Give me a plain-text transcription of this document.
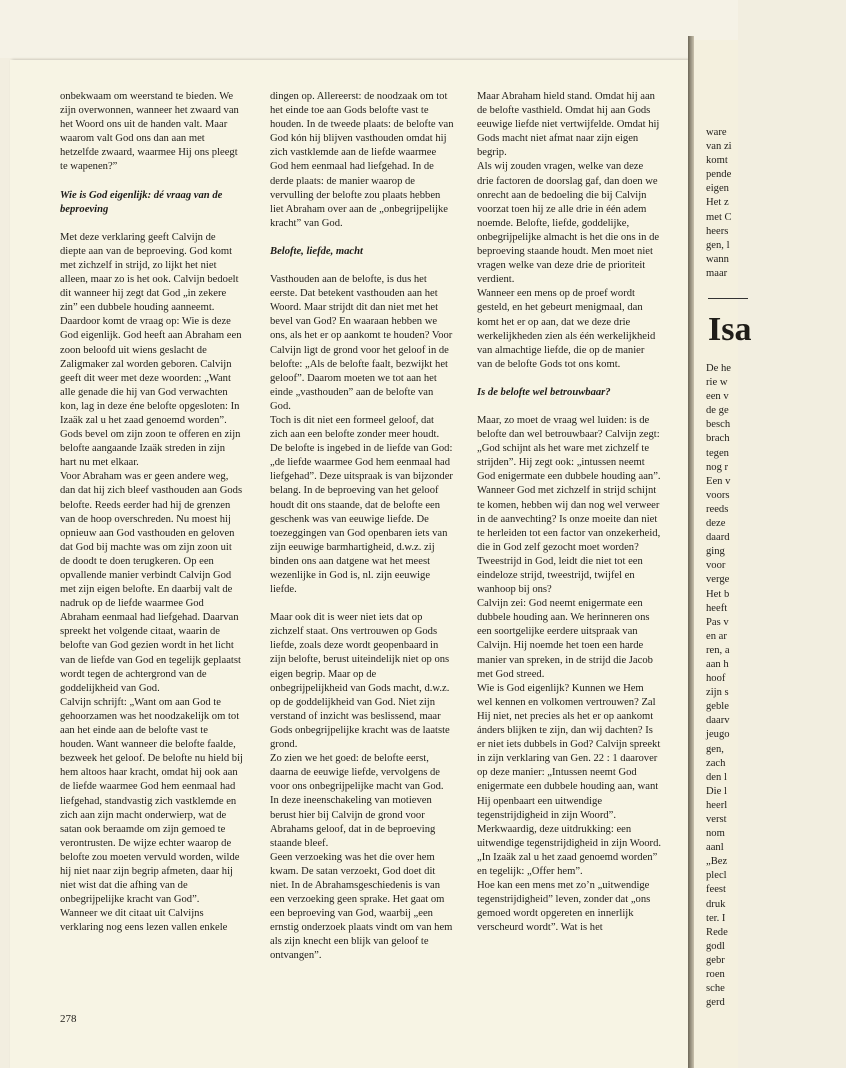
onbekwaam om weerstand te bieden. We zijn overwonnen, wanneer het zwaard van het Woord ons uit de handen valt. Maar waarom valt God ons dan aan met hetzelfde zwaard, waarmee Hij ons pleegt te wapenen?”

Wie is God eigenlijk: dé vraag van de beproeving

Met deze verklaring geeft Calvijn de diepte aan van de beproeving. God komt met zichzelf in strijd, zo lijkt het niet alleen, maar zo is het ook. Calvijn bedoelt dit wanneer hij zegt dat God „in zekere zin” een dubbele houding aanneemt. Daardoor komt de vraag op: Wie is deze God eigenlijk. God heeft aan Abraham een zoon beloofd uit wiens geslacht de Zaligmaker zal worden geboren. Calvijn geeft dit weer met deze woorden: „Want alle genade die hij van God verwachten kon, lag in deze éne belofte opgesloten: In Izaäk zal u het zaad genoemd worden”. Gods bevel om zijn zoon te offeren en zijn belofte aangaande Izaäk streden in zijn hart nu met elkaar.

Voor Abraham was er geen andere weg, dan dat hij zich bleef vasthouden aan Gods belofte. Reeds eerder had hij de grenzen van de hoop overschreden. Nu moest hij opnieuw aan God vasthouden en geloven dat God bij machte was om zijn zoon uit de doodt te doen terugkeren. Op een opvallende manier verbindt Calvijn God met zijn eigen belofte. En daarbij valt de nadruk op de liefde waarmee God Abraham eenmaal had liefgehad. Daarvan spreekt het volgende citaat, waarin de belofte van God gezien wordt in het licht van de liefde van God en tegelijk geplaatst wordt tegen de achtergrond van de goddelijkheid van God.

Calvijn schrijft: „Want om aan God te gehoorzamen was het noodzakelijk om tot aan het einde aan de belofte vast te houden. Want wanneer die belofte faalde, bezweek het geloof. De belofte nu hield bij hem altoos haar kracht, omdat hij ook aan de liefde waarmee God hem eenmaal had liefgehad, standvastig zich vastklemde en zich aan zijn macht onderwierp, wat de satan ook beraamde om zijn gemoed te verontrusten. De wijze echter waarop de belofte zou moeten vervuld worden, wilde hij niet naar zijn begrip afmeten, daar hij niet wist dat die afhing van de onbegrijpelijke kracht van God”.

Wanneer we dit citaat uit Calvijns verklaring nog eens lezen vallen enkele

dingen op. Allereerst: de noodzaak om tot het einde toe aan Gods belofte vast te houden. In de tweede plaats: de belofte van God kón hij blijven vasthouden omdat hij zich vastklemde aan de liefde waarmee God hem eenmaal had liefgehad. In de derde plaats: de manier waarop de vervulling der belofte zou plaats hebben liet Abraham over aan de „onbegrijpelijke kracht” van God.

Belofte, liefde, macht

Vasthouden aan de belofte, is dus het eerste. Dat betekent vasthouden aan het Woord. Maar strijdt dit dan niet met het bevel van God? En waaraan hebben we ons, als het er op aankomt te houden? Voor Calvijn ligt de grond voor het geloof in de belofte: „Als de belofte faalt, bezwijkt het geloof”. Daarom moeten we tot aan het einde „vasthouden” aan de belofte van God.

Toch is dit niet een formeel geloof, dat zich aan een belofte zonder meer houdt. De belofte is ingebed in de liefde van God: „de liefde waarmee God hem eenmaal had liefgehad”. Deze uitspraak is van bijzonder belang. In de beproeving van het geloof houdt dit ons staande, dat de belofte een geschenk was van eeuwige liefde. De toezeggingen van God openbaren iets van zijn eeuwige barmhartigheid, d.w.z. zij binden ons aan datgene wat het meest wezenlijke in God is, nl. zijn eeuwige liefde.

Maar ook dit is weer niet iets dat op zichzelf staat. Ons vertrouwen op Gods liefde, zoals deze wordt geopenbaard in zijn belofte, berust uiteindelijk niet op ons eigen begrip. Maar op de onbegrijpelijkheid van Gods macht, d.w.z. op de goddelijkheid van God. Niet zijn verstand of inzicht was beslissend, maar Gods onbegrijpelijke kracht was de laatste grond.

Zo zien we het goed: de belofte eerst, daarna de eeuwige liefde, vervolgens de voor ons onbegrijpelijke macht van God. In deze ineenschakeling van motieven berust hier bij Calvijn de grond voor Abrahams geloof, dat in de beproeving staande bleef.

Geen verzoeking was het die over hem kwam. De satan verzoekt, God doet dit niet. In de Abrahamsgeschiedenis is van een verzoeking geen sprake. Het gaat om een beproeving van God, waarbij „een ernstig onderzoek plaats vindt om van hem als zijn knecht een blijk van geloof te ontvangen”.

Maar Abraham hield stand. Omdat hij aan de belofte vasthield. Omdat hij aan Gods eeuwige liefde niet vertwijfelde. Omdat hij Gods macht niet afmat naar zijn eigen begrip.

Als wij zouden vragen, welke van deze drie factoren de doorslag gaf, dan doen we onrecht aan de bedoeling die bij Calvijn voorzat toen hij ze alle drie in één adem noemde. Belofte, liefde, goddelijke, onbegrijpelijke almacht is het die ons in de beproeving staande houdt. Men moet niet vragen welke van deze drie de prioriteit verdient.

Wanneer een mens op de proef wordt gesteld, en het gebeurt menigmaal, dan komt het er op aan, dat we deze drie werkelijkheden zien als één werkelijkheid van almachtige liefde, die op de manier van de belofte Gods tot ons komt.

Is de belofte wel betrouwbaar?

Maar, zo moet de vraag wel luiden: is de belofte dan wel betrouwbaar? Calvijn zegt: „God schijnt als het ware met zichzelf te strijden”. Hij zegt ook: „intussen neemt God enigermate een dubbele houding aan”. Wanneer God met zichzelf in strijd schijnt te komen, hebben wij dan nog wel verweer in de aanvechting? Is onze moeite dan niet te herleiden tot een factor van onzekerheid, die in God zelf gezocht moet worden? Tweestrijd in God, leidt die niet tot een eindeloze strijd, tweestrijd, twijfel en wanhoop bij ons?

Calvijn zei: God neemt enigermate een dubbele houding aan. We herinneren ons een soortgelijke eerdere uitspraak van Calvijn. Hij noemde het toen een harde manier van spreken, in de strijd die Jacob met God streed.

Wie is God eigenlijk? Kunnen we Hem wel kennen en volkomen vertrouwen? Zal Hij niet, net precies als het er op aankomt ánders blijken te zijn, dan wij dachten? Is er niet iets dubbels in God? Calvijn spreekt in zijn verklaring van Gen. 22 : 1 daarover op deze manier: „Intussen neemt God enigermate een dubbele houding aan, want Hij openbaart een uitwendige tegenstrijdigheid in zijn Woord”. Merkwaardig, deze uitdrukking: een uitwendige tegenstrijdigheid in zijn Woord. „In Izaäk zal u het zaad genoemd worden” en tegelijk: „Offer hem”.

Hoe kan een mens met zo’n „uitwendige tegenstrijdigheid” leven, zonder dat „ons gemoed wordt opgereten en innerlijk verscheurd wordt”. Wat is het

278

ware

van zi

komt

pende

eigen

Het z

met C

heers

gen, l

wann

maar

Isa

De he

rie w

een v

de ge

besch

brach

tegen

nog r

Een v

voors

reeds

deze

daard

ging

voor

verge

Het b

heeft

Pas v

en ar

ren, a

aan h

hoof

zijn s

geble

daarv

jeugo

gen,

zach

den l

Die l

heerl

verst

nom

aanl

„Bez

plecl

feest

druk

ter. I

Rede

godl

gebr

roen

sche

gerd
